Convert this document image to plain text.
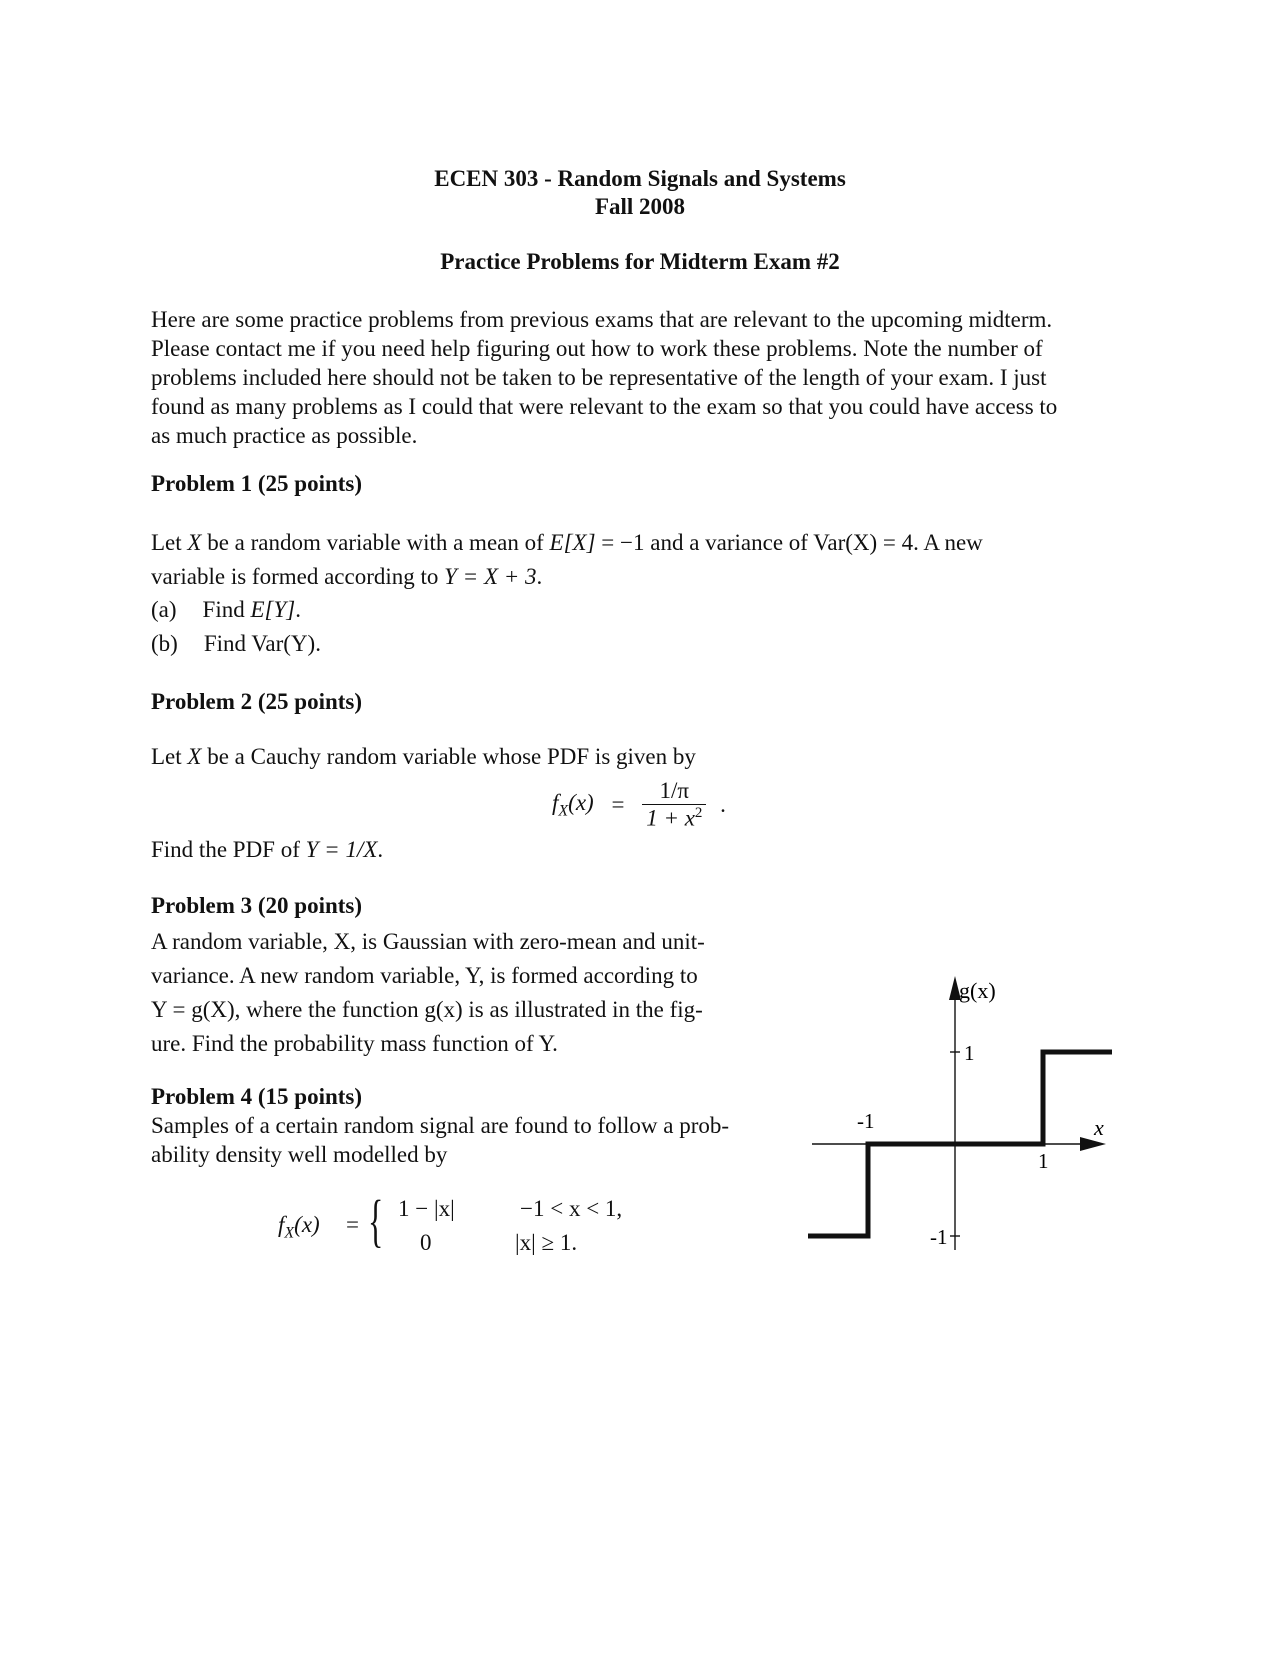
ECEN 303 - Random Signals and Systems
Fall 2008
Practice Problems for Midterm Exam #2
Here are some practice problems from previous exams that are relevant to the upcoming midterm.
Please contact me if you need help figuring out how to work these problems. Note the number of
problems included here should not be taken to be representative of the length of your exam. I just
found as many problems as I could that were relevant to the exam so that you could have access to
as much practice as possible.
Problem 1 (25 points)
Let X be a random variable with a mean of E[X] = −1 and a variance of Var(X) = 4. A new
variable is formed according to Y = X + 3.
(a) Find E[Y].
(b) Find Var(Y).
Problem 2 (25 points)
Let X be a Cauchy random variable whose PDF is given by
$f_X(x) = \frac{1/\pi}{1 + x^2}$ .
Find the PDF of Y = 1/X.
Problem 3 (20 points)
A random variable, X, is Gaussian with zero-mean and unit-
variance. A new random variable, Y, is formed according to
Y = g(X), where the function g(x) is as illustrated in the fig-
ure. Find the probability mass function of Y.
Problem 4 (15 points)
Samples of a certain random signal are found to follow a prob-
ability density well modelled by
$f_X(x)$ = { 1 − |x|	−1 < x < 1,
0	|x| ≥ 1.
g(x)
x
1
-1
1
-1
